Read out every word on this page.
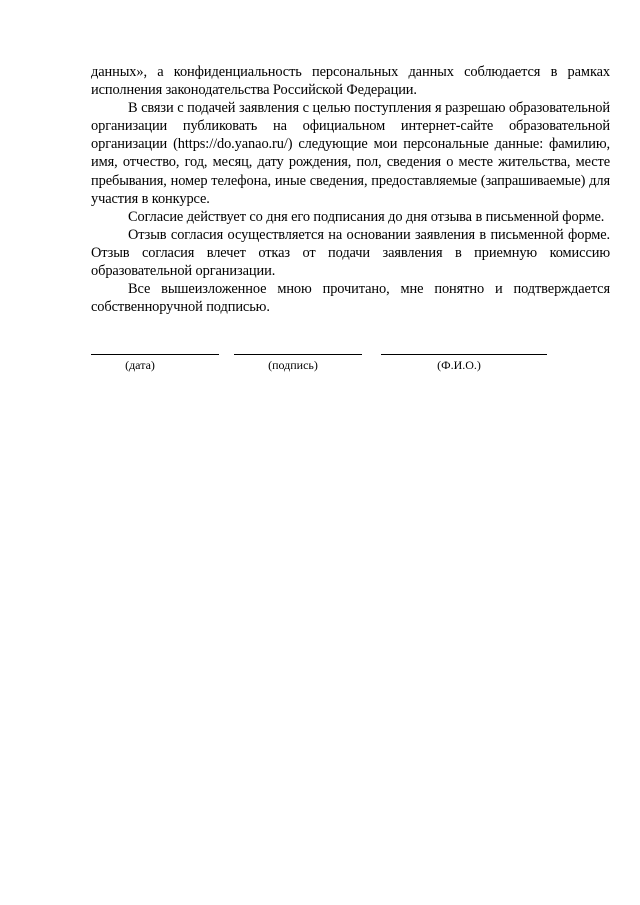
данных», а конфиденциальность персональных данных соблюдается в рамках исполнения законодательства Российской Федерации.

В связи с подачей заявления с целью поступления я разрешаю образовательной организации публиковать на официальном интернет-сайте образовательной организации (https://do.yanao.ru/) следующие мои персональные данные: фамилию, имя, отчество, год, месяц, дату рождения, пол, сведения о месте жительства, месте пребывания, номер телефона, иные сведения, предоставляемые (запрашиваемые) для участия в конкурсе.

Согласие действует со дня его подписания до дня отзыва в письменной форме.

Отзыв согласия осуществляется на основании заявления в письменной форме. Отзыв согласия влечет отказ от подачи заявления в приемную комиссию образовательной организации.

Все вышеизложенное мною прочитано, мне понятно и подтверждается собственноручной подписью.

(дата)	(подпись)	(Ф.И.О.)
